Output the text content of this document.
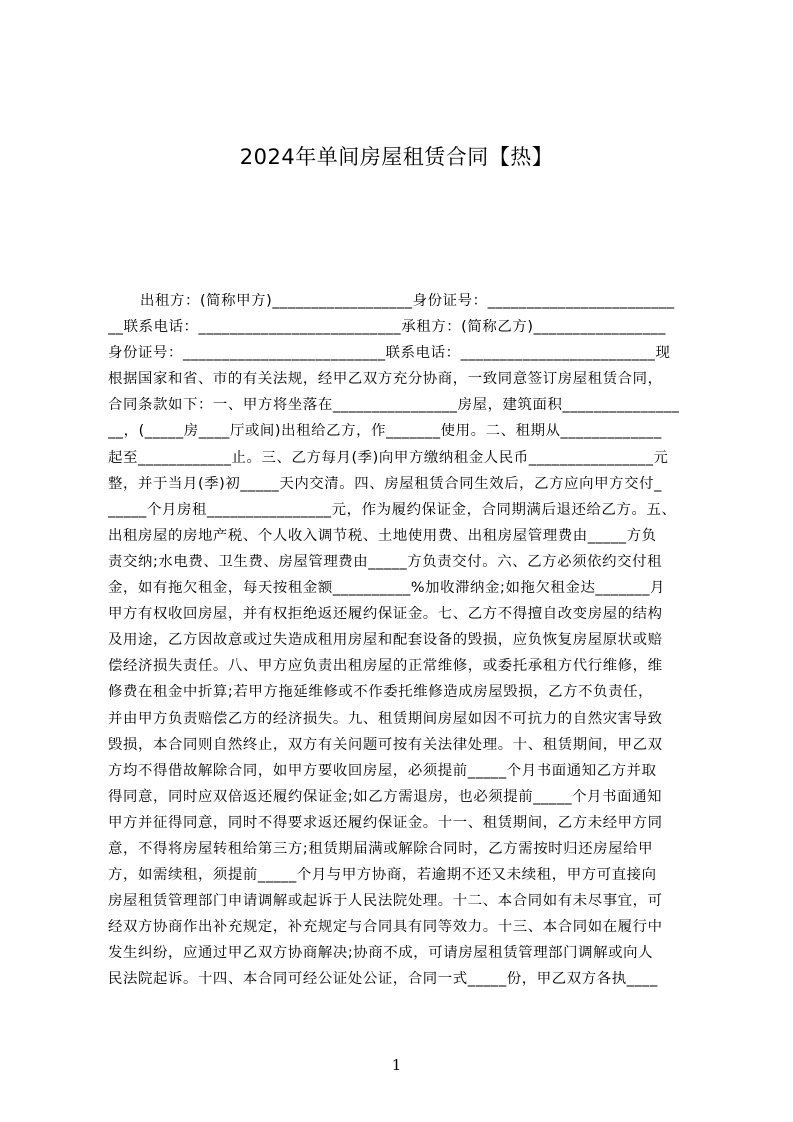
2024年单间房屋租赁合同【热】
出租方：(简称甲方)__________________身份证号：________________________
__联系电话：__________________________承租方：(简称乙方)_________________
身份证号：__________________________联系电话：_________________________现
根据国家和省、市的有关法规，经甲乙双方充分协商，一致同意签订房屋租赁合同，
合同条款如下：一、甲方将坐落在________________房屋，建筑面积_______________
__，(_____房____厅或间)出租给乙方，作_______使用。二、租期从_____________
起至____________止。三、乙方每月(季)向甲方缴纳租金人民币________________元
整，并于当月(季)初_____天内交清。四、房屋租赁合同生效后，乙方应向甲方交付_
_____个月房租________________元，作为履约保证金，合同期满后退还给乙方。五、
出租房屋的房地产税、个人收入调节税、土地使用费、出租房屋管理费由_____方负
责交纳;水电费、卫生费、房屋管理费由_____方负责交付。六、乙方必须依约交付租
金，如有拖欠租金，每天按租金额__________%加收滞纳金;如拖欠租金达_______月
甲方有权收回房屋，并有权拒绝返还履约保证金。七、乙方不得擅自改变房屋的结构
及用途，乙方因故意或过失造成租用房屋和配套设备的毁损，应负恢复房屋原状或赔
偿经济损失责任。八、甲方应负责出租房屋的正常维修，或委托承租方代行维修，维
修费在租金中折算;若甲方拖延维修或不作委托维修造成房屋毁损，乙方不负责任，
并由甲方负责赔偿乙方的经济损失。九、租赁期间房屋如因不可抗力的自然灾害导致
毁损，本合同则自然终止，双方有关问题可按有关法律处理。十、租赁期间，甲乙双
方均不得借故解除合同，如甲方要收回房屋，必须提前_____个月书面通知乙方并取
得同意，同时应双倍返还履约保证金;如乙方需退房，也必须提前_____个月书面通知
甲方并征得同意，同时不得要求返还履约保证金。十一、租赁期间，乙方未经甲方同
意，不得将房屋转租给第三方;租赁期届满或解除合同时，乙方需按时归还房屋给甲
方，如需续租，须提前_____个月与甲方协商，若逾期不还又未续租，甲方可直接向
房屋租赁管理部门申请调解或起诉于人民法院处理。十二、本合同如有未尽事宜，可
经双方协商作出补充规定，补充规定与合同具有同等效力。十三、本合同如在履行中
发生纠纷，应通过甲乙双方协商解决;协商不成，可请房屋租赁管理部门调解或向人
民法院起诉。十四、本合同可经公证处公证，合同一式_____份，甲乙双方各执____
1
